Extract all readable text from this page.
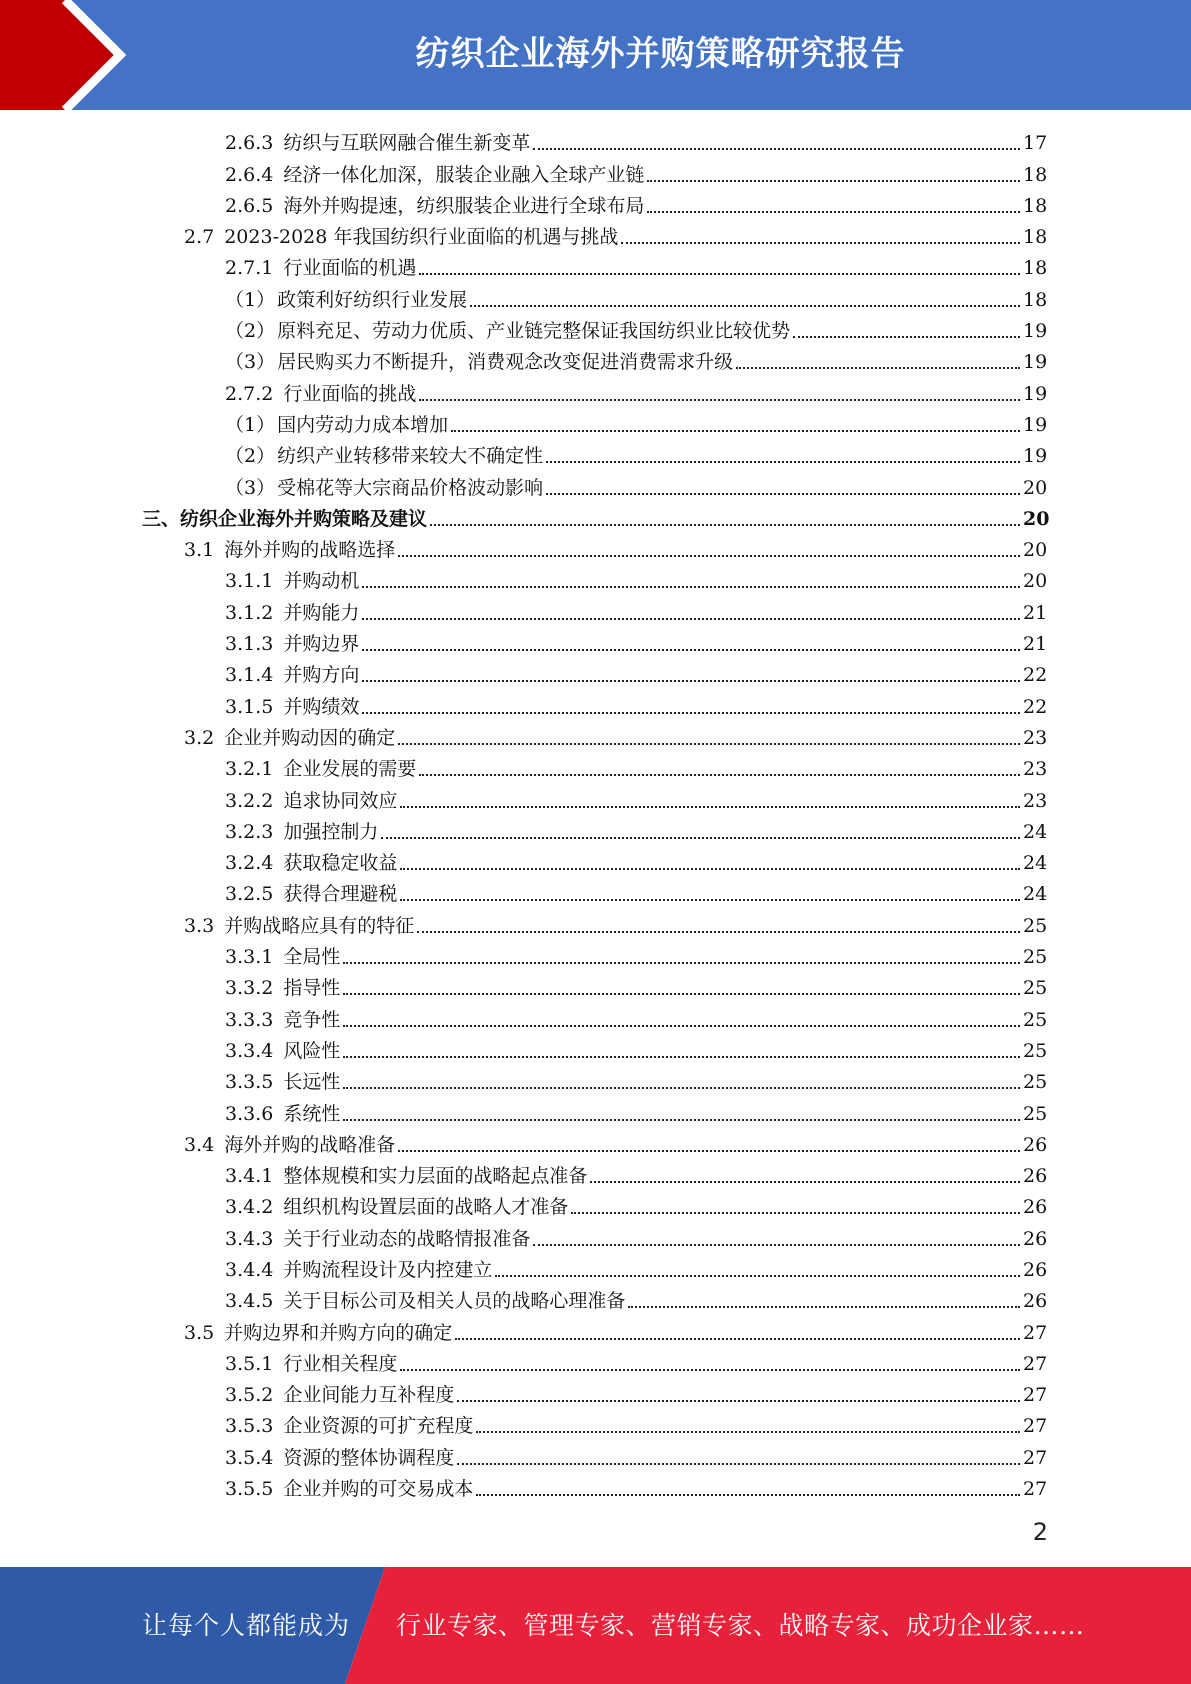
纺织企业海外并购策略研究报告
2.6.3 纺织与互联网融合催生新变革	17
2.6.4 经济一体化加深，服装企业融入全球产业链	18
2.6.5 海外并购提速，纺织服装企业进行全球布局	18
2.7 2023-2028 年我国纺织行业面临的机遇与挑战	18
2.7.1 行业面临的机遇	18
（1） 政策利好纺织行业发展	18
（2） 原料充足、劳动力优质、产业链完整保证我国纺织业比较优势	19
（3） 居民购买力不断提升，消费观念改变促进消费需求升级	19
2.7.2 行业面临的挑战	19
（1） 国内劳动力成本增加	19
（2） 纺织产业转移带来较大不确定性	19
（3） 受棉花等大宗商品价格波动影响	20
三、纺织企业海外并购策略及建议	20
3.1 海外并购的战略选择	20
3.1.1 并购动机	20
3.1.2 并购能力	21
3.1.3 并购边界	21
3.1.4 并购方向	22
3.1.5 并购绩效	22
3.2 企业并购动因的确定	23
3.2.1 企业发展的需要	23
3.2.2 追求协同效应	23
3.2.3 加强控制力	24
3.2.4 获取稳定收益	24
3.2.5 获得合理避税	24
3.3 并购战略应具有的特征	25
3.3.1 全局性	25
3.3.2 指导性	25
3.3.3 竞争性	25
3.3.4 风险性	25
3.3.5 长远性	25
3.3.6 系统性	25
3.4 海外并购的战略准备	26
3.4.1 整体规模和实力层面的战略起点准备	26
3.4.2 组织机构设置层面的战略人才准备	26
3.4.3 关于行业动态的战略情报准备	26
3.4.4 并购流程设计及内控建立	26
3.4.5 关于目标公司及相关人员的战略心理准备	26
3.5 并购边界和并购方向的确定	27
3.5.1 行业相关程度	27
3.5.2 企业间能力互补程度	27
3.5.3 企业资源的可扩充程度	27
3.5.4 资源的整体协调程度	27
3.5.5 企业并购的可交易成本	27
2
让每个人都能成为 行业专家、管理专家、营销专家、战略专家、成功企业家……
